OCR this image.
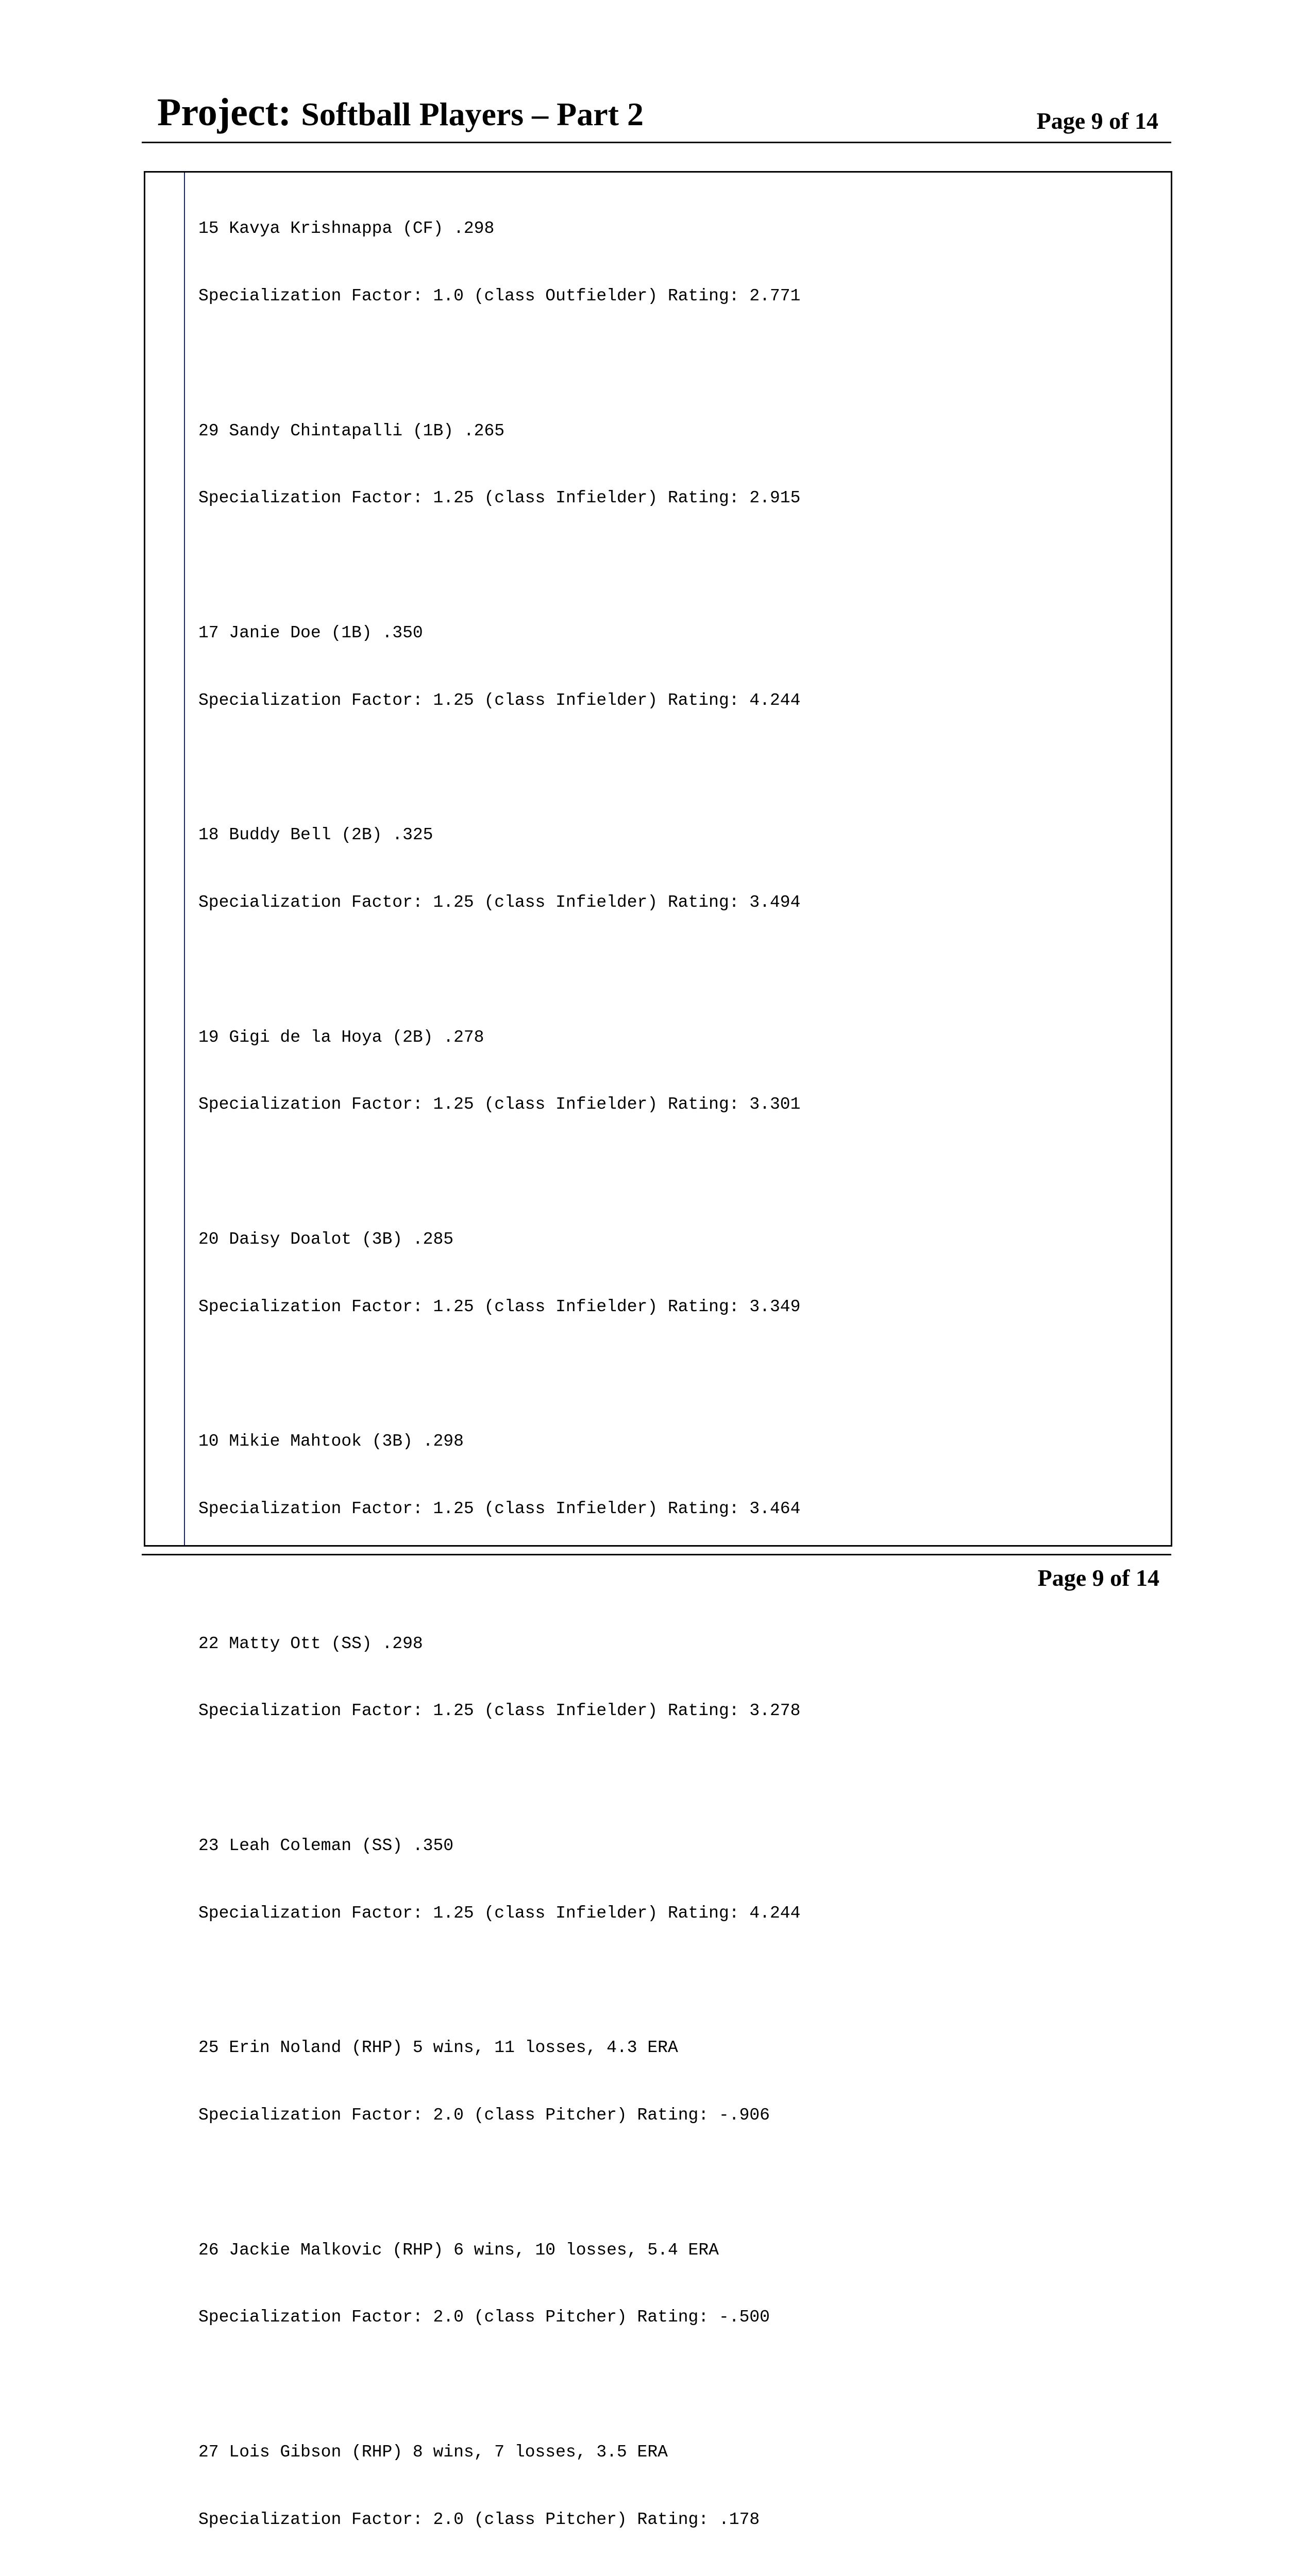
Project: Softball Players – Part 2	Page 9 of 14

15 Kavya Krishnappa (CF) .298

Specialization Factor: 1.0 (class Outfielder) Rating: 2.771

29 Sandy Chintapalli (1B) .265

Specialization Factor: 1.25 (class Infielder) Rating: 2.915

17 Janie Doe (1B) .350

Specialization Factor: 1.25 (class Infielder) Rating: 4.244

18 Buddy Bell (2B) .325

Specialization Factor: 1.25 (class Infielder) Rating: 3.494

19 Gigi de la Hoya (2B) .278

Specialization Factor: 1.25 (class Infielder) Rating: 3.301

20 Daisy Doalot (3B) .285

Specialization Factor: 1.25 (class Infielder) Rating: 3.349

10 Mikie Mahtook (3B) .298

Specialization Factor: 1.25 (class Infielder) Rating: 3.464

22 Matty Ott (SS) .298

Specialization Factor: 1.25 (class Infielder) Rating: 3.278

23 Leah Coleman (SS) .350

Specialization Factor: 1.25 (class Infielder) Rating: 4.244

25 Erin Noland (RHP) 5 wins, 11 losses, 4.3 ERA

Specialization Factor: 2.0 (class Pitcher) Rating: -.906

26 Jackie Malkovic (RHP) 6 wins, 10 losses, 5.4 ERA

Specialization Factor: 2.0 (class Pitcher) Rating: -.500

27 Lois Gibson (RHP) 8 wins, 7 losses, 3.5 ERA

Specialization Factor: 2.0 (class Pitcher) Rating: .178

Page 9 of 14
